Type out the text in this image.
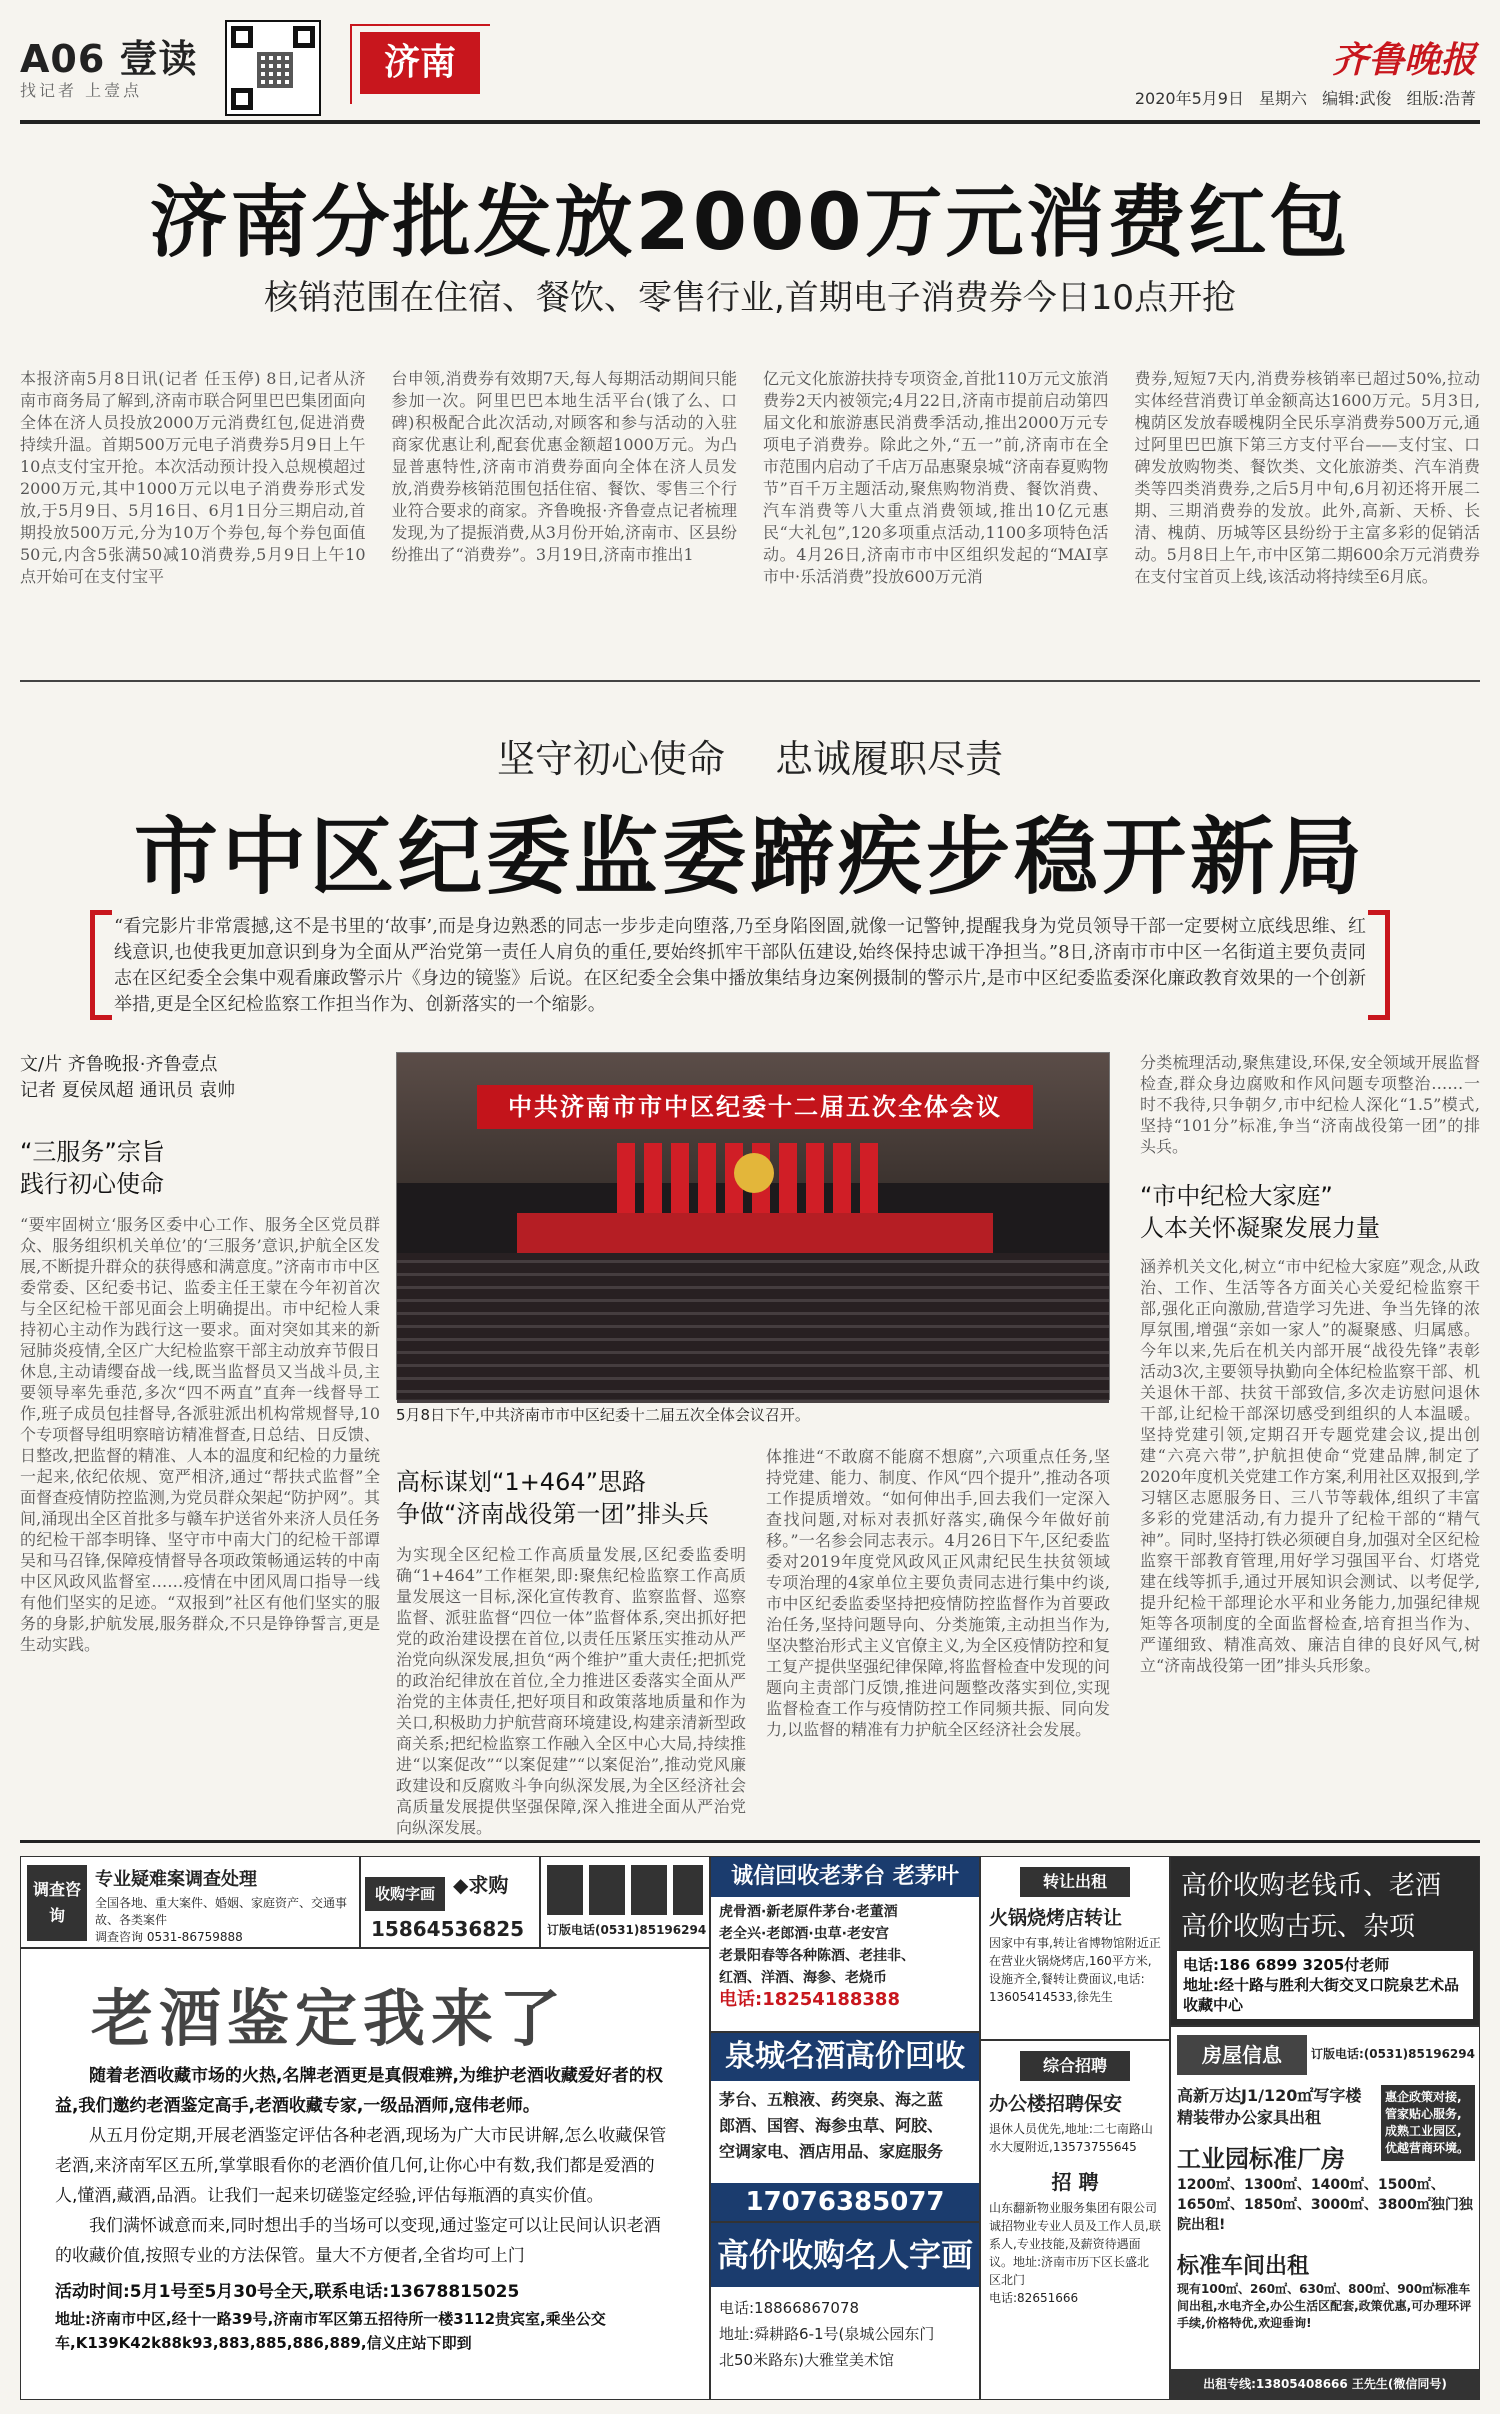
A06 壹读
找记者 上壹点
济南	齐鲁晚报
2020年5月9日 星期六 编辑:武俊 组版:浩菁
济南分批发放2000万元消费红包
核销范围在住宿、餐饮、零售行业,首期电子消费券今日10点开抢

本报济南5月8日讯(记者 任玉停) 8日,记者从济南市商务局了解到,济南市联合阿里巴巴集团面向全体在济人员投放2000万元消费红包,促进消费持续升温。首期500万元电子消费券5月9日上午10点支付宝开抢。本次活动预计投入总规模超过2000万元,其中1000万元以电子消费券形式发放,于5月9日、5月16日、6月1日分三期启动,首期投放500万元,分为10万个券包,每个券包面值50元,内含5张满50减10消费券,5月9日上午10点开始可在支付宝平

台申领,消费券有效期7天,每人每期活动期间只能参加一次。阿里巴巴本地生活平台(饿了么、口碑)积极配合此次活动,对顾客和参与活动的入驻商家优惠让利,配套优惠金额超1000万元。为凸显普惠特性,济南市消费券面向全体在济人员发放,消费券核销范围包括住宿、餐饮、零售三个行业符合要求的商家。齐鲁晚报·齐鲁壹点记者梳理发现,为了提振消费,从3月份开始,济南市、区县纷纷推出了“消费券”。3月19日,济南市推出1

亿元文化旅游扶持专项资金,首批110万元文旅消费券2天内被领完;4月22日,济南市提前启动第四届文化和旅游惠民消费季活动,推出2000万元专项电子消费券。除此之外,“五一”前,济南市在全市范围内启动了千店万品惠聚泉城“济南春夏购物节”百千万主题活动,聚焦购物消费、餐饮消费、汽车消费等八大重点消费领域,推出10亿元惠民“大礼包”,120多项重点活动,1100多项特色活动。4月26日,济南市市中区组织发起的“MAI享市中·乐活消费”投放600万元消

费券,短短7天内,消费券核销率已超过50%,拉动实体经营消费订单金额高达1600万元。5月3日,槐荫区发放春暖槐阴全民乐享消费券500万元,通过阿里巴巴旗下第三方支付平台——支付宝、口碑发放购物类、餐饮类、文化旅游类、汽车消费类等四类消费券,之后5月中旬,6月初还将开展二期、三期消费券的发放。此外,高新、天桥、长清、槐荫、历城等区县纷纷于主富多彩的促销活动。5月8日上午,市中区第二期600余万元消费券在支付宝首页上线,该活动将持续至6月底。

坚守初心使命 忠诚履职尽责
市中区纪委监委蹄疾步稳开新局
“看完影片非常震撼,这不是书里的‘故事’,而是身边熟悉的同志一步步走向堕落,乃至身陷囹圄,就像一记警钟,提醒我身为党员领导干部一定要树立底线思维、红线意识,也使我更加意识到身为全面从严治党第一责任人肩负的重任,要始终抓牢干部队伍建设,始终保持忠诚干净担当。”8日,济南市市中区一名街道主要负责同志在区纪委全会集中观看廉政警示片《身边的镜鉴》后说。在区纪委全会集中播放集结身边案例摄制的警示片,是市中区纪委监委深化廉政教育效果的一个创新举措,更是全区纪检监察工作担当作为、创新落实的一个缩影。
文/片 齐鲁晚报·齐鲁壹点
记者 夏侯凤超 通讯员 袁帅
中共济南市市中区纪委十二届五次全体会议
5月8日下午,中共济南市市中区纪委十二届五次全体会议召开。
“三服务”宗旨
践行初心使命
“要牢固树立‘服务区委中心工作、服务全区党员群众、服务组织机关单位’的‘三服务’意识,护航全区发展,不断提升群众的获得感和满意度。”济南市市中区委常委、区纪委书记、监委主任王蒙在今年初首次与全区纪检干部见面会上明确提出。市中纪检人秉持初心主动作为践行这一要求。面对突如其来的新冠肺炎疫情,全区广大纪检监察干部主动放弃节假日休息,主动请缨奋战一线,既当监督员又当战斗员,主要领导率先垂范,多次“四不两直”直奔一线督导工作,班子成员包挂督导,各派驻派出机构常规督导,10个专项督导组明察暗访精准督查,日总结、日反馈、日整改,把监督的精准、人本的温度和纪检的力量统一起来,依纪依规、宽严相济,通过“帮扶式监督”全面督查疫情防控监测,为党员群众架起“防护网”。其间,涌现出全区首批多与赣车护送省外来济人员任务的纪检干部李明锋、坚守市中南大门的纪检干部谭吴和马召锋,保障疫情督导各项政策畅通运转的中南中区风政风监督室……疫情在中团风周口指导一线有他们坚实的足迹。“双报到”社区有他们坚实的服务的身影,护航发展,服务群众,不只是铮铮誓言,更是生动实践。
高标谋划“1+464”思路
争做“济南战役第一团”排头兵
为实现全区纪检工作高质量发展,区纪委监委明确“1+464”工作框架,即:聚焦纪检监察工作高质量发展这一目标,深化宣传教育、监察监督、巡察监督、派驻监督“四位一体”监督体系,突出抓好把党的政治建设摆在首位,以责任压紧压实推动从严治党向纵深发展,担负“两个维护”重大责任;把抓党的政治纪律放在首位,全力推进区委落实全面从严治党的主体责任,把好项目和政策落地质量和作为关口,积极助力护航营商环境建设,构建亲清新型政商关系;把纪检监察工作融入全区中心大局,持续推进“以案促改”“以案促建”“以案促治”,推动党风廉政建设和反腐败斗争向纵深发展,为全区经济社会高质量发展提供坚强保障,深入推进全面从严治党向纵深发展。
体推进“不敢腐不能腐不想腐”,六项重点任务,坚持党建、能力、制度、作风“四个提升”,推动各项工作提质增效。“如何伸出手,回去我们一定深入查找问题,对标对表抓好落实,确保今年做好前移。”一名参会同志表示。4月26日下午,区纪委监委对2019年度党风政风正风肃纪民生扶贫领域专项治理的4家单位主要负责同志进行集中约谈,市中区纪委监委坚持把疫情防控监督作为首要政治任务,坚持问题导向、分类施策,主动担当作为,坚决整治形式主义官僚主义,为全区疫情防控和复工复产提供坚强纪律保障,将监督检查中发现的问题向主责部门反馈,推进问题整改落实到位,实现监督检查工作与疫情防控工作同频共振、同向发力,以监督的精准有力护航全区经济社会发展。
分类梳理活动,聚焦建设,环保,安全领域开展监督检查,群众身边腐败和作风问题专项整治……一时不我待,只争朝夕,市中纪检人深化“1.5”模式,坚持“101分”标准,争当“济南战役第一团”的排头兵。
“市中纪检大家庭”
人本关怀凝聚发展力量
涵养机关文化,树立“市中纪检大家庭”观念,从政治、工作、生活等各方面关心关爱纪检监察干部,强化正向激励,营造学习先进、争当先锋的浓厚氛围,增强“亲如一家人”的凝聚感、归属感。今年以来,先后在机关内部开展“战役先锋”表彰活动3次,主要领导执勤向全体纪检监察干部、机关退休干部、扶贫干部致信,多次走访慰问退休干部,让纪检干部深切感受到组织的人本温暖。坚持党建引领,定期召开专题党建会议,提出创建“六亮六带”,护航担使命“党建品牌,制定了2020年度机关党建工作方案,利用社区双报到,学习辖区志愿服务日、三八节等载体,组织了丰富多彩的党建活动,有力提升了纪检干部的“精气神”。同时,坚持打铁必须硬自身,加强对全区纪检监察干部教育管理,用好学习强国平台、灯塔党建在线等抓手,通过开展知识会测试、以考促学,提升纪检干部理论水平和业务能力,加强纪律规矩等各项制度的全面监督检查,培育担当作为、严谨细致、精准高效、廉洁自律的良好风气,树立“济南战役第一团”排头兵形象。
调查咨询
专业疑难案调查处理
全国各地、重大案件、婚姻、家庭资产、交通事故、各类案件
调查咨询 0531-86759888
收购字画 ◆求购
15864536825 订版电话(0531)85196294
老酒鉴定我来了

随着老酒收藏市场的火热,名牌老酒更是真假难辨,为维护老酒收藏爱好者的权益,我们邀约老酒鉴定高手,老酒收藏专家,一级品酒师,寇伟老师。

从五月份定期,开展老酒鉴定评估各种老酒,现场为广大市民讲解,怎么收藏保管老酒,来济南军区五所,掌掌眼看你的老酒价值几何,让你心中有数,我们都是爱酒的人,懂酒,藏酒,品酒。让我们一起来切磋鉴定经验,评估每瓶酒的真实价值。

我们满怀诚意而来,同时想出手的当场可以变现,通过鉴定可以让民间认识老酒的收藏价值,按照专业的方法保管。量大不方便者,全省均可上门

活动时间:5月1号至5月30号全天,联系电话:13678815025

地址:济南市中区,经十一路39号,济南市军区第五招待所一楼3112贵宾室,乘坐公交车,K139K42k88k93,883,885,886,889,信义庄站下即到

诚信回收老茅台 老茅叶
虎骨酒·新老原件茅台·老董酒
老全兴·老郎酒·虫草·老安宫
老景阳春等各种陈酒、老挂非、
红酒、洋酒、海参、老烧币
电话:18254188388
泉城名酒高价回收
茅台、五粮液、药突泉、海之蓝
郎酒、国窖、海参虫草、阿胶、
空调家电、酒店用品、家庭服务
17076385077
高价收购名人字画
电话:18866867078
地址:舜耕路6-1号(泉城公园东门
北50米路东)大雅堂美术馆
转让出租
火锅烧烤店转让
因家中有事,转让省博物馆附近正在营业火锅烧烤店,160平方米,设施齐全,餐转让费面议,电话:
13605414533,徐先生
综合招聘
办公楼招聘保安
退休人员优先,地址:二七南路山水大厦附近,13573755645
招 聘
山东翻新物业服务集团有限公司诚招物业专业人员及工作人员,联系人,专业技能,及薪资待遇面议。地址:济南市历下区长盛北区北门
电话:82651666
高价收购老钱币、老酒
高价收购古玩、杂项
电话:186 6899 3205付老师
地址:经十路与胜利大街交叉口院泉艺术品收藏中心
房屋信息	订版电话:(0531)85196294
高新万达J1/120㎡写字楼
精装带办公家具出租
惠企政策对接,管家贴心服务,成熟工业园区,优越营商环境。
工业园标准厂房
1200㎡、1300㎡、1400㎡、1500㎡、1650㎡、1850㎡、3000㎡、3800㎡独门独院出租!
标准车间出租
现有100㎡、260㎡、630㎡、800㎡、900㎡标准车间出租,水电齐全,办公生活区配套,政策优惠,可办理环评手续,价格特优,欢迎垂询!
出租专线:13805408666 王先生(微信同号)
